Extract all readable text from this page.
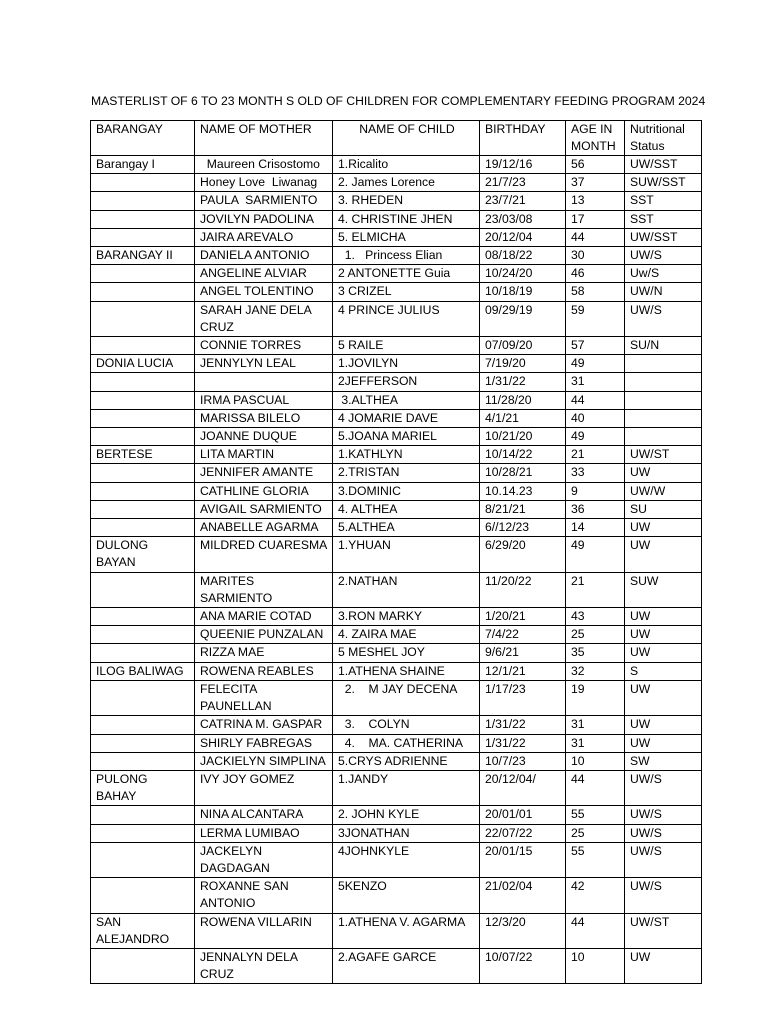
MASTERLIST OF 6 TO 23 MONTH S OLD OF CHILDREN FOR COMPLEMENTARY FEEDING PROGRAM 2024
BARANGAY	NAME OF MOTHER	NAME OF CHILD	BIRTHDAY	AGE IN MONTH	Nutritional Status
Barangay I	Maureen Crisostomo	1.Ricalito	19/12/16	56	UW/SST
	Honey Love  Liwanag	2. James Lorence	21/7/23	37	SUW/SST
	PAULA  SARMIENTO	3. RHEDEN	23/7/21	13	SST
	JOVILYN PADOLINA	4. CHRISTINE JHEN	23/03/08	17	SST
	JAIRA AREVALO	5. ELMICHA	20/12/04	44	UW/SST
BARANGAY II	DANIELA ANTONIO	1.   Princess Elian	08/18/22	30	UW/S
	ANGELINE ALVIAR	2 ANTONETTE Guia	10/24/20	46	Uw/S
	ANGEL TOLENTINO	3 CRIZEL	10/18/19	58	UW/N
	SARAH JANE DELA CRUZ	4 PRINCE JULIUS	09/29/19	59	UW/S
	CONNIE TORRES	5 RAILE	07/09/20	57	SU/N
DONIA LUCIA	JENNYLYN LEAL	1.JOVILYN	7/19/20	49	
		2JEFFERSON	1/31/22	31	
	IRMA PASCUAL	3.ALTHEA	11/28/20	44	
	MARISSA BILELO	4 JOMARIE DAVE	4/1/21	40	
	JOANNE DUQUE	5.JOANA MARIEL	10/21/20	49	
BERTESE	LITA MARTIN	1.KATHLYN	10/14/22	21	UW/ST
	JENNIFER AMANTE	2.TRISTAN	10/28/21	33	UW
	CATHLINE GLORIA	3.DOMINIC	10.14.23	9	UW/W
	AVIGAIL SARMIENTO	4. ALTHEA	8/21/21	36	SU
	ANABELLE AGARMA	5.ALTHEA	6//12/23	14	UW
DULONG BAYAN	MILDRED CUARESMA	1.YHUAN	6/29/20	49	UW
	MARITES SARMIENTO	2.NATHAN	11/20/22	21	SUW
	ANA MARIE COTAD	3.RON MARKY	1/20/21	43	UW
	QUEENIE PUNZALAN	4. ZAIRA MAE	7/4/22	25	UW
	RIZZA MAE	5 MESHEL JOY	9/6/21	35	UW
ILOG BALIWAG	ROWENA REABLES	1.ATHENA SHAINE	12/1/21	32	S
	FELECITA PAUNELLAN	2.    M JAY DECENA	1/17/23	19	UW
	CATRINA M. GASPAR	3.    COLYN	1/31/22	31	UW
	SHIRLY FABREGAS	4.    MA. CATHERINA	1/31/22	31	UW
	JACKIELYN SIMPLINA	5.CRYS ADRIENNE	10/7/23	10	SW
PULONG BAHAY	IVY JOY GOMEZ	1.JANDY	20/12/04/	44	UW/S
	NINA ALCANTARA	2. JOHN KYLE	20/01/01	55	UW/S
	LERMA LUMIBAO	3JONATHAN	22/07/22	25	UW/S
	JACKELYN DAGDAGAN	4JOHNKYLE	20/01/15	55	UW/S
	ROXANNE SAN ANTONIO	5KENZO	21/02/04	42	UW/S
SAN ALEJANDRO	ROWENA VILLARIN	1.ATHENA V. AGARMA	12/3/20	44	UW/ST
	JENNALYN DELA CRUZ	2.AGAFE GARCE	10/07/22	10	UW
